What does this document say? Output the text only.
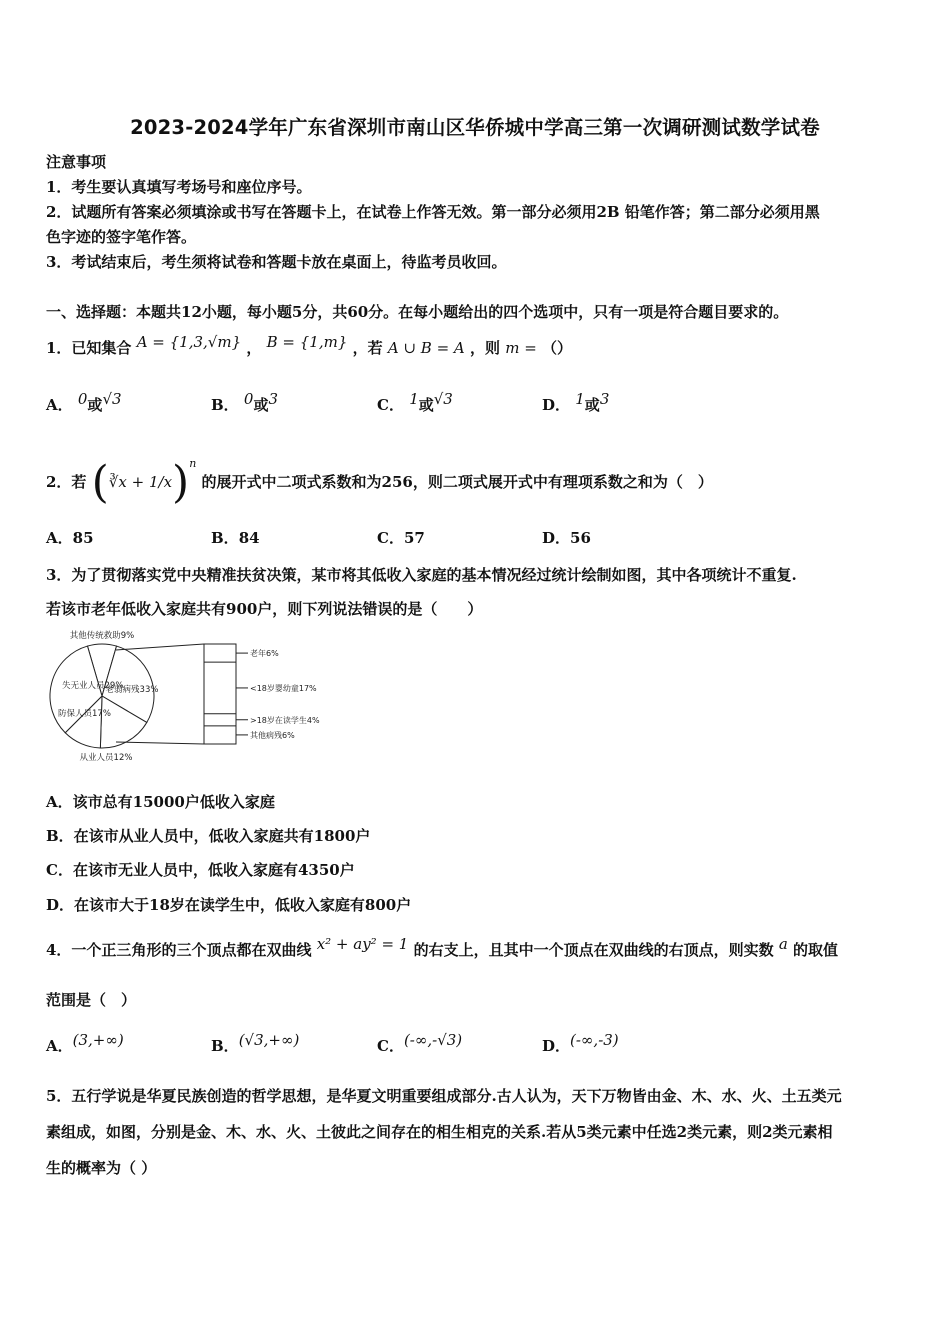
2023-2024学年广东省深圳市南山区华侨城中学高三第一次调研测试数学试卷
注意事项
1．考生要认真填写考场号和座位序号。
2．试题所有答案必须填涂或书写在答题卡上，在试卷上作答无效。第一部分必须用2B 铅笔作答；第二部分必须用黑
色字迹的签字笔作答。
3．考试结束后，考生须将试卷和答题卡放在桌面上，待监考员收回。
一、选择题：本题共12小题，每小题5分，共60分。在每小题给出的四个选项中，只有一项是符合题目要求的。
1．已知集合 A = {1,3,√m} ， B = {1,m} ，若 A ∪ B = A ，则 m = （）
A． 0或√3	B． 0或3	C． 1或√3	D． 1或3
2．若 (∛x + 1/x)$^n$ 的展开式中二项式系数和为256，则二项式展开式中有理项系数之和为（　）
A．85	B．84	C．57	D．56
3．为了贯彻落实党中央精准扶贫决策，某市将其低收入家庭的基本情况经过统计绘制如图，其中各项统计不重复.
若该市老年低收入家庭共有900户，则下列说法错误的是（　　）
其他传统救助9%
失无业人员29%
防保人员17%
从业人员12%
老弱病残33%
老年6%
<18岁婴幼童17%
>18岁在读学生4%
其他病残6%
A．该市总有15000户低收入家庭
B．在该市从业人员中，低收入家庭共有1800户
C．在该市无业人员中，低收入家庭有4350户
D．在该市大于18岁在读学生中，低收入家庭有800户
4．一个正三角形的三个顶点都在双曲线 x² + ay² = 1 的右支上，且其中一个顶点在双曲线的右顶点，则实数 a 的取值
范围是（　）
A．(3,+∞)	B．(√3,+∞)	C．(-∞,-√3)	D．(-∞,-3)
5．五行学说是华夏民族创造的哲学思想，是华夏文明重要组成部分.古人认为，天下万物皆由金、木、水、火、土五类元
素组成，如图，分别是金、木、水、火、土彼此之间存在的相生相克的关系.若从5类元素中任选2类元素，则2类元素相
生的概率为（ ）
